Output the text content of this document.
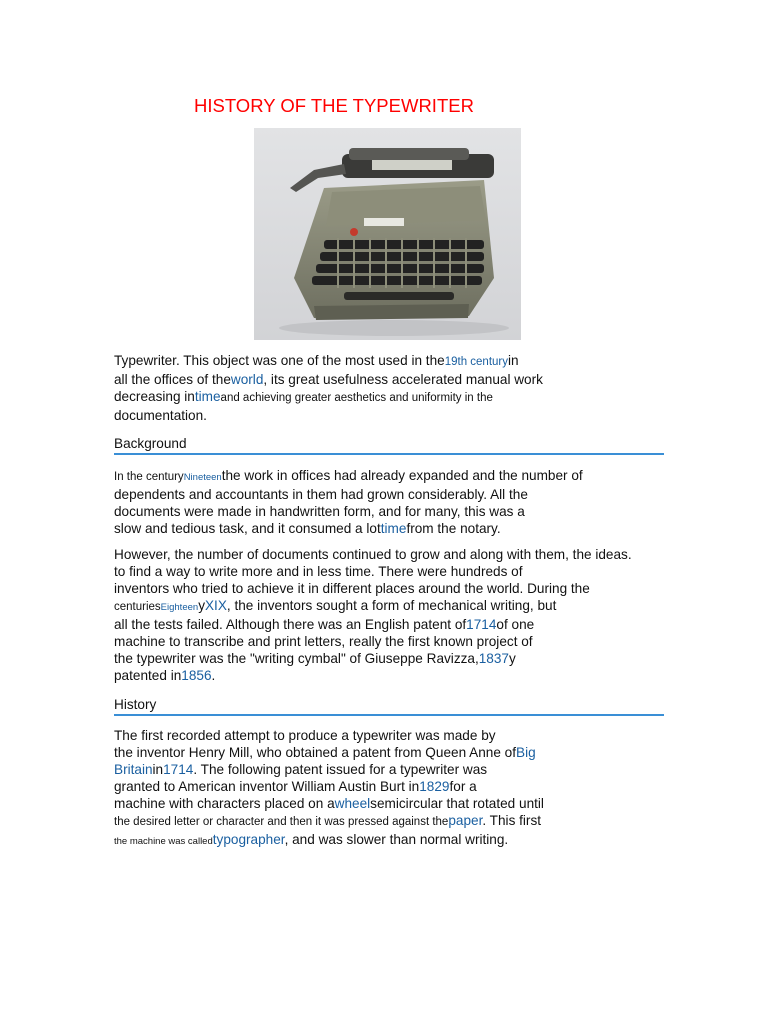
HISTORY OF THE TYPEWRITER

Typewriter. This object was one of the most used in the19th centuryin
all the offices of theworld, its great usefulness accelerated manual work
decreasing intimeand achieving greater aesthetics and uniformity in the
documentation.

Background

In the centuryNineteenthe work in offices had already expanded and the number of
dependents and accountants in them had grown considerably. All the
documents were made in handwritten form, and for many, this was a
slow and tedious task, and it consumed a lottimefrom the notary.

However, the number of documents continued to grow and along with them, the ideas.
to find a way to write more and in less time. There were hundreds of
inventors who tried to achieve it in different places around the world. During the
centuriesEighteenyXIX, the inventors sought a form of mechanical writing, but
all the tests failed. Although there was an English patent of1714of one
machine to transcribe and print letters, really the first known project of
the typewriter was the "writing cymbal" of Giuseppe Ravizza,1837y
patented in1856.

History

The first recorded attempt to produce a typewriter was made by
the inventor Henry Mill, who obtained a patent from Queen Anne ofBig
Britainin1714. The following patent issued for a typewriter was
granted to American inventor William Austin Burt in1829for a
machine with characters placed on awheelsemicircular that rotated until
the desired letter or character and then it was pressed against thepaper. This first
the machine was calledtypographer, and was slower than normal writing.
